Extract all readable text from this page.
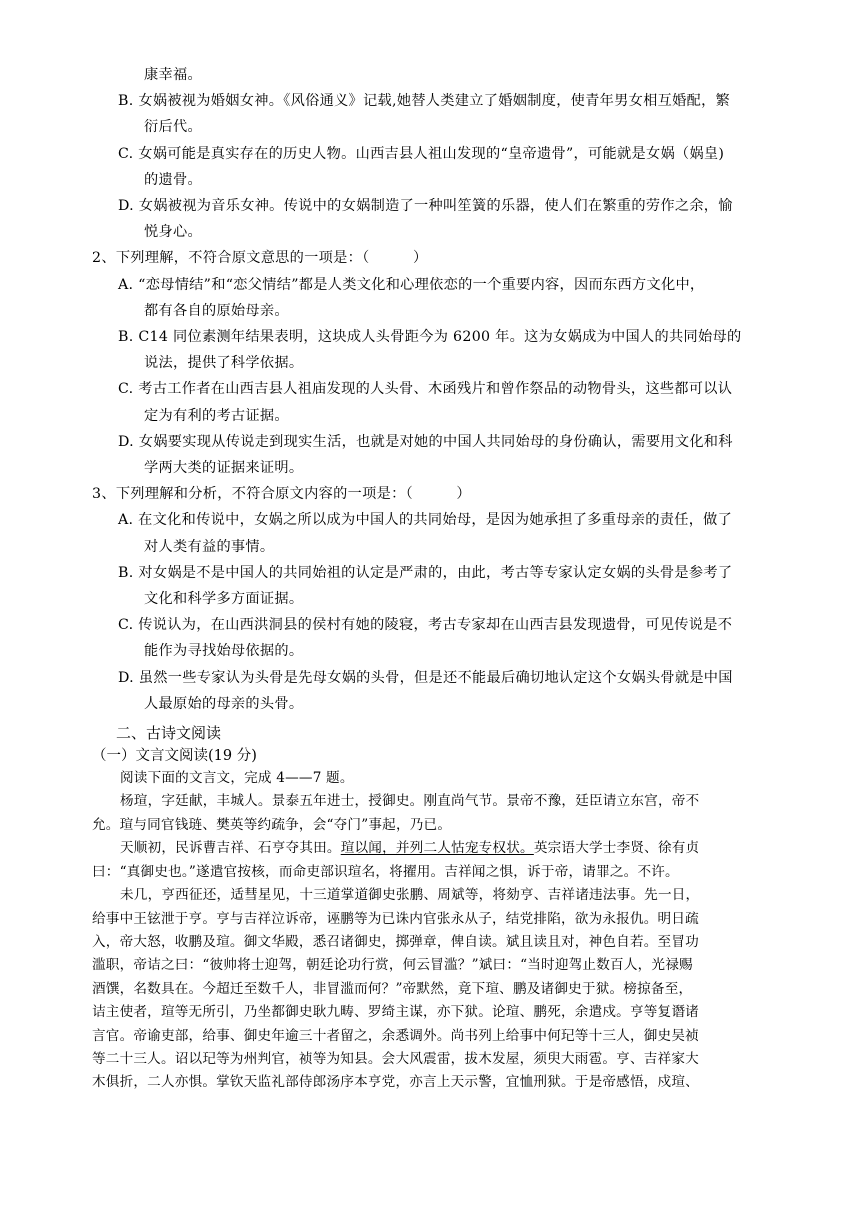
康幸福。
B. 女娲被视为婚姻女神。《风俗通义》记载,她替人类建立了婚姻制度，使青年男女相互婚配，繁
衍后代。
C. 女娲可能是真实存在的历史人物。山西吉县人祖山发现的“皇帝遗骨”，可能就是女娲（娲皇)
的遗骨。
D. 女娲被视为音乐女神。传说中的女娲制造了一种叫笙簧的乐器，使人们在繁重的劳作之余，愉
悦身心。
2、下列理解，不符合原文意思的一项是：（　　　）
A. “恋母情结”和“恋父情结”都是人类文化和心理依恋的一个重要内容，因而东西方文化中，
都有各自的原始母亲。
B. C14 同位素测年结果表明，这块成人头骨距今为 6200 年。这为女娲成为中国人的共同始母的
说法，提供了科学依据。
C. 考古工作者在山西吉县人祖庙发现的人头骨、木函残片和曾作祭品的动物骨头，这些都可以认
定为有利的考古证据。
D. 女娲要实现从传说走到现实生活，也就是对她的中国人共同始母的身份确认，需要用文化和科
学两大类的证据来证明。
3、下列理解和分析，不符合原文内容的一项是：（　　　）
A. 在文化和传说中，女娲之所以成为中国人的共同始母，是因为她承担了多重母亲的责任，做了
对人类有益的事情。
B. 对女娲是不是中国人的共同始祖的认定是严肃的，由此，考古等专家认定女娲的头骨是参考了
文化和科学多方面证据。
C. 传说认为，在山西洪洞县的侯村有她的陵寝，考古专家却在山西吉县发现遗骨，可见传说是不
能作为寻找始母依据的。
D. 虽然一些专家认为头骨是先母女娲的头骨，但是还不能最后确切地认定这个女娲头骨就是中国
人最原始的母亲的头骨。
二、古诗文阅读
（一）文言文阅读(19 分)
阅读下面的文言文，完成 4——7 题。
杨瑄，字廷献，丰城人。景泰五年进士，授御史。刚直尚气节。景帝不豫，廷臣请立东宫，帝不
允。瑄与同官钱琏、樊英等约疏争，会“夺门”事起，乃已。
天顺初，民诉曹吉祥、石亨夺其田。瑄以闻，并列二人怙宠专权状。英宗语大学士李贤、徐有贞
曰：“真御史也。”遂遣官按核，而命吏部识瑄名，将擢用。吉祥闻之惧，诉于帝，请罪之。不许。
未几，亨西征还，适彗星见，十三道掌道御史张鹏、周斌等，将劾亨、吉祥诸违法事。先一日，
给事中王铉泄于亨。亨与吉祥泣诉帝，诬鹏等为已诛内官张永从子，结党排陷，欲为永报仇。明日疏
入，帝大怒，收鹏及瑄。御文华殿，悉召诸御史，掷弹章，俾自读。斌且读且对，神色自若。至冒功
滥职，帝诘之曰：“彼帅将士迎驾，朝廷论功行赏，何云冒滥？”斌曰：“当时迎驾止数百人，光禄赐
酒馔，名数具在。今超迁至数千人，非冒滥而何？”帝默然，竟下瑄、鹏及诸御史于狱。榜掠备至，
诘主使者，瑄等无所引，乃坐都御史耿九畴、罗绮主谋，亦下狱。论瑄、鹏死，余遣戍。亨等复谮诸
言官。帝谕吏部，给事、御史年逾三十者留之，余悉调外。尚书列上给事中何玘等十三人，御史吴祯
等二十三人。诏以玘等为州判官，祯等为知县。会大风震雷，拔木发屋，须臾大雨雹。亨、吉祥家大
木俱折，二人亦惧。掌钦天监礼部侍郎汤序本亨党，亦言上天示警，宜恤刑狱。于是帝感悟，戍瑄、
